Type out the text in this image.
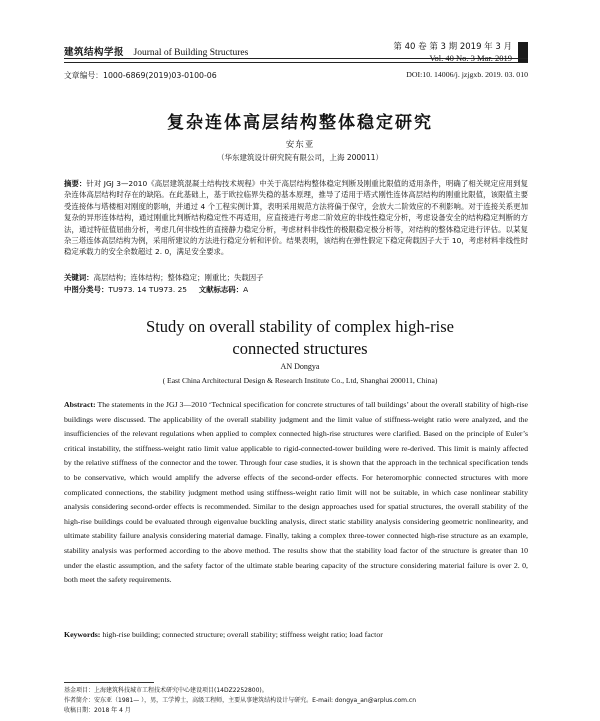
建筑结构学报 Journal of Building Structures
第 40 卷 第 3 期 2019 年 3 月
Vol. 40 No. 3 Mar. 2019
文章编号：1000-6869(2019)03-0100-06	DOI:10. 14006/j. jzjgxb. 2019. 03. 010
复杂连体高层结构整体稳定研究
安东亚
（华东建筑设计研究院有限公司，上海 200011）
摘要：针对 JGJ 3—2010《高层建筑混凝土结构技术规程》中关于高层结构整体稳定判断及刚重比限值的适用条件，明确了相关规定应用到复杂连体高层结构时存在的缺陷。在此基础上，基于欧拉临界失稳的基本原理，推导了适用于塔式刚性连体高层结构的刚重比限值，该限值主要受连接体与塔楼相对刚度的影响，并通过 4 个工程实例计算，表明采用规范方法将偏于保守，会放大二阶效应的不利影响。对于连接关系更加复杂的异形连体结构，通过刚重比判断结构稳定性不再适用，应直接进行考虑二阶效应的非线性稳定分析，考虑设备安全的结构稳定判断的方法，通过特征值屈曲分析，考虑几何非线性的直接静力稳定分析，考虑材料非线性的极限稳定极分析等，对结构的整体稳定进行评估。以某复杂三塔连体高层结构为例，采用所建议的方法进行稳定分析和评价。结果表明，该结构在弹性假定下稳定荷载因子大于 10，考虑材料非线性时稳定承载力的安全余数超过 2. 0，满足安全要求。
关键词：高层结构；连体结构；整体稳定；刚重比；失载因子
中图分类号：TU973. 14 TU973. 25 文献标志码：A
Study on overall stability of complex high-rise
connected structures
AN Dongya
( East China Architectural Design & Research Institute Co., Ltd, Shanghai 200011, China)
Abstract: The statements in the JGJ 3—2010 ‘Technical specification for concrete structures of tall buildings’ about the overall stability of high-rise buildings were discussed. The applicability of the overall stability judgment and the limit value of stiffness-weight ratio were analyzed, and the insufficiencies of the relevant regulations when applied to complex connected high-rise structures were clarified. Based on the principle of Euler’s critical instability, the stiffness-weight ratio limit value applicable to rigid-connected-tower building were re-derived. This limit is mainly affected by the relative stiffness of the connector and the tower. Through four case studies, it is shown that the approach in the technical specification tends to be conservative, which would amplify the adverse effects of the second-order effects. For heteromorphic connected structures with more complicated connections, the stability judgment method using stiffness-weight ratio limit will not be suitable, in which case nonlinear stability analysis considering second-order effects is recommended. Similar to the design approaches used for spatial structures, the overall stability of the high-rise buildings could be evaluated through eigenvalue buckling analysis, direct static stability analysis considering geometric nonlinearity, and ultimate stability failure analysis considering material damage. Finally, taking a complex three-tower connected high-rise structure as an example, stability analysis was performed according to the above method. The results show that the stability load factor of the structure is greater than 10 under the elastic assumption, and the safety factor of the ultimate stable bearing capacity of the structure considering material failure is over 2. 0, both meet the safety requirements.
Keywords: high-rise building; connected structure; overall stability; stiffness weight ratio; load factor
基金项目：上海建筑科技城市工程技术研究中心建设项目(14DZ2252800)。
作者简介：安东亚（1981— ），男，工学博士，高级工程师，主要从事建筑结构设计与研究。E-mail: dongya_an@arplus.com.cn
收稿日期：2018 年 4 月
